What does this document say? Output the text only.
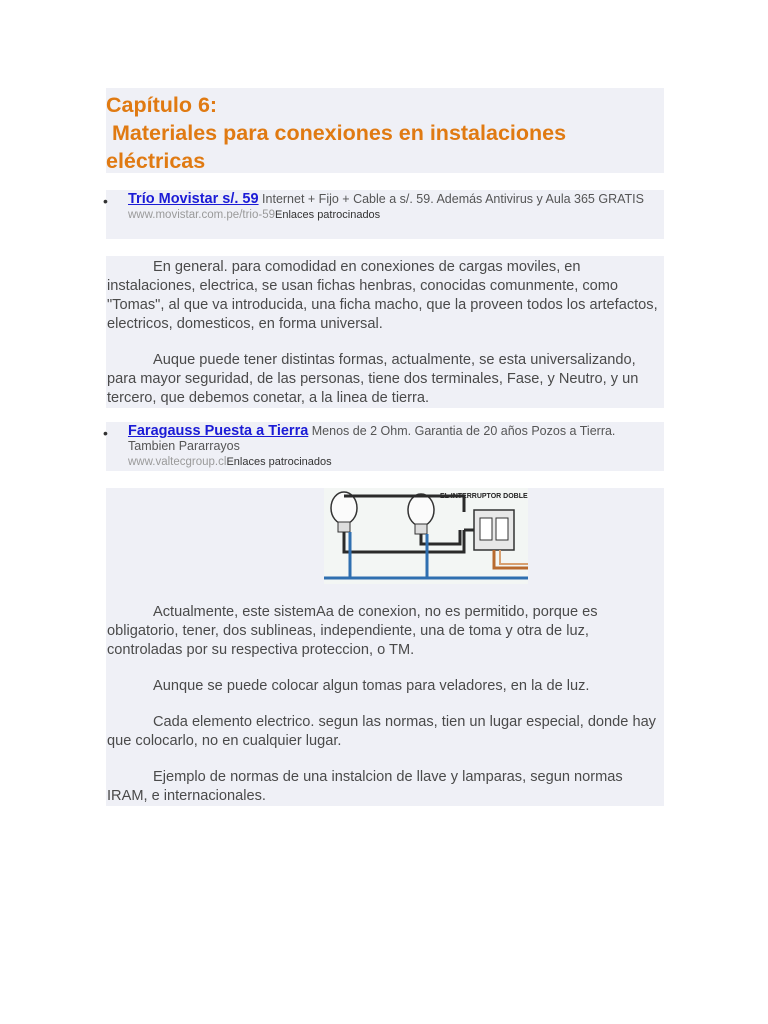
Capítulo 6:
Materiales para conexiones en instalaciones
eléctricas
• Trío Movistar s/. 59 Internet + Fijo + Cable a s/. 59. Además Antivirus y Aula 365 GRATIS
www.movistar.com.pe/trio-59Enlaces patrocinados

En general. para comodidad en conexiones de cargas moviles, en instalaciones, electrica, se usan fichas henbras, conocidas comunmente, como "Tomas", al que va introducida, una ficha macho, que la proveen todos los artefactos, electricos, domesticos, en forma universal.

Auque puede tener distintas formas, actualmente, se esta universalizando, para mayor seguridad, de las personas, tiene dos terminales, Fase, y Neutro, y un tercero, que debemos conetar, a la linea de tierra.

• Faragauss Puesta a Tierra Menos de 2 Ohm. Garantia de 20 años Pozos a Tierra. Tambien Pararrayos
www.valtecgroup.clEnlaces patrocinados

Actualmente, este sistemAa de conexion, no es permitido, porque es obligatorio, tener, dos sublineas, independiente, una de toma y otra de luz, controladas por su respectiva proteccion, o TM.

Aunque se puede colocar algun tomas para veladores, en la de luz.

Cada elemento electrico. segun las normas, tien un lugar especial, donde hay que colocarlo, no en cualquier lugar.

Ejemplo de normas de una instalcion de llave y lamparas, segun normas IRAM, e internacionales.

EL INTERRUPTOR DOBLE
